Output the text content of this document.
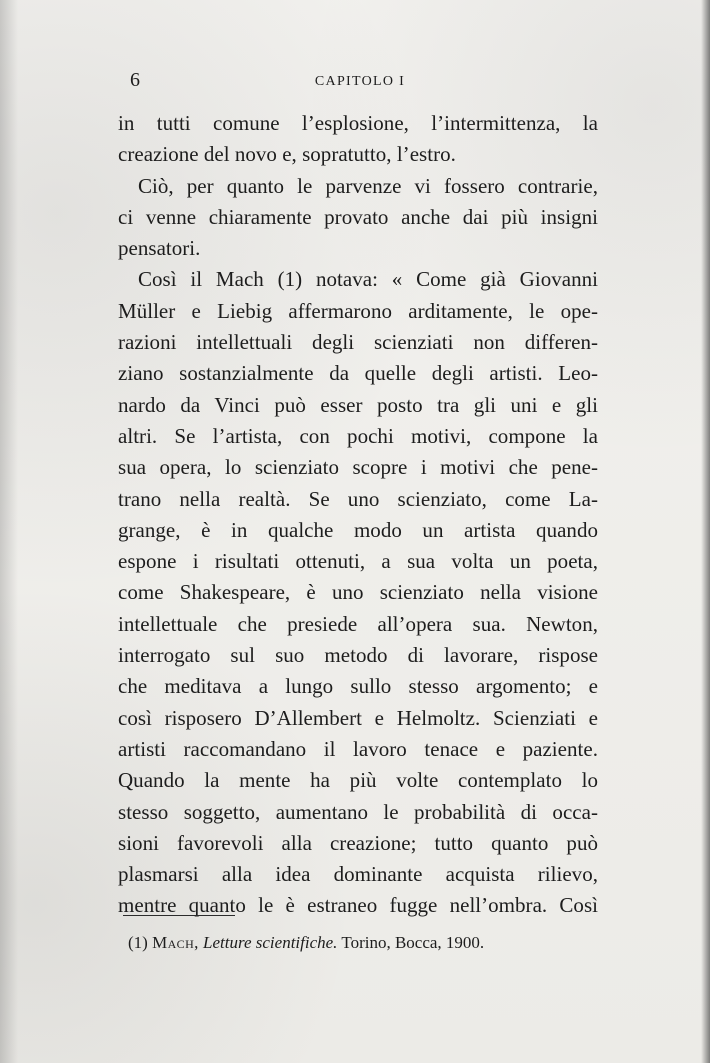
6	CAPITOLO I
in tutti comune l’esplosione, l’intermittenza, la
creazione del novo e, sopratutto, l’estro.
Ciò, per quanto le parvenze vi fossero contrarie,
ci venne chiaramente provato anche dai più insigni
pensatori.
Così il Mach (1) notava: « Come già Giovanni
Müller e Liebig affermarono arditamente, le ope-
razioni intellettuali degli scienziati non differen-
ziano sostanzialmente da quelle degli artisti. Leo-
nardo da Vinci può esser posto tra gli uni e gli
altri. Se l’artista, con pochi motivi, compone la
sua opera, lo scienziato scopre i motivi che pene-
trano nella realtà. Se uno scienziato, come La-
grange, è in qualche modo un artista quando
espone i risultati ottenuti, a sua volta un poeta,
come Shakespeare, è uno scienziato nella visione
intellettuale che presiede all’opera sua. Newton,
interrogato sul suo metodo di lavorare, rispose
che meditava a lungo sullo stesso argomento; e
così risposero D’Allembert e Helmoltz. Scienziati e
artisti raccomandano il lavoro tenace e paziente.
Quando la mente ha più volte contemplato lo
stesso soggetto, aumentano le probabilità di occa-
sioni favorevoli alla creazione; tutto quanto può
plasmarsi alla idea dominante acquista rilievo,
mentre quanto le è estraneo fugge nell’ombra. Così
(1) Mach, Letture scientifiche. Torino, Bocca, 1900.
